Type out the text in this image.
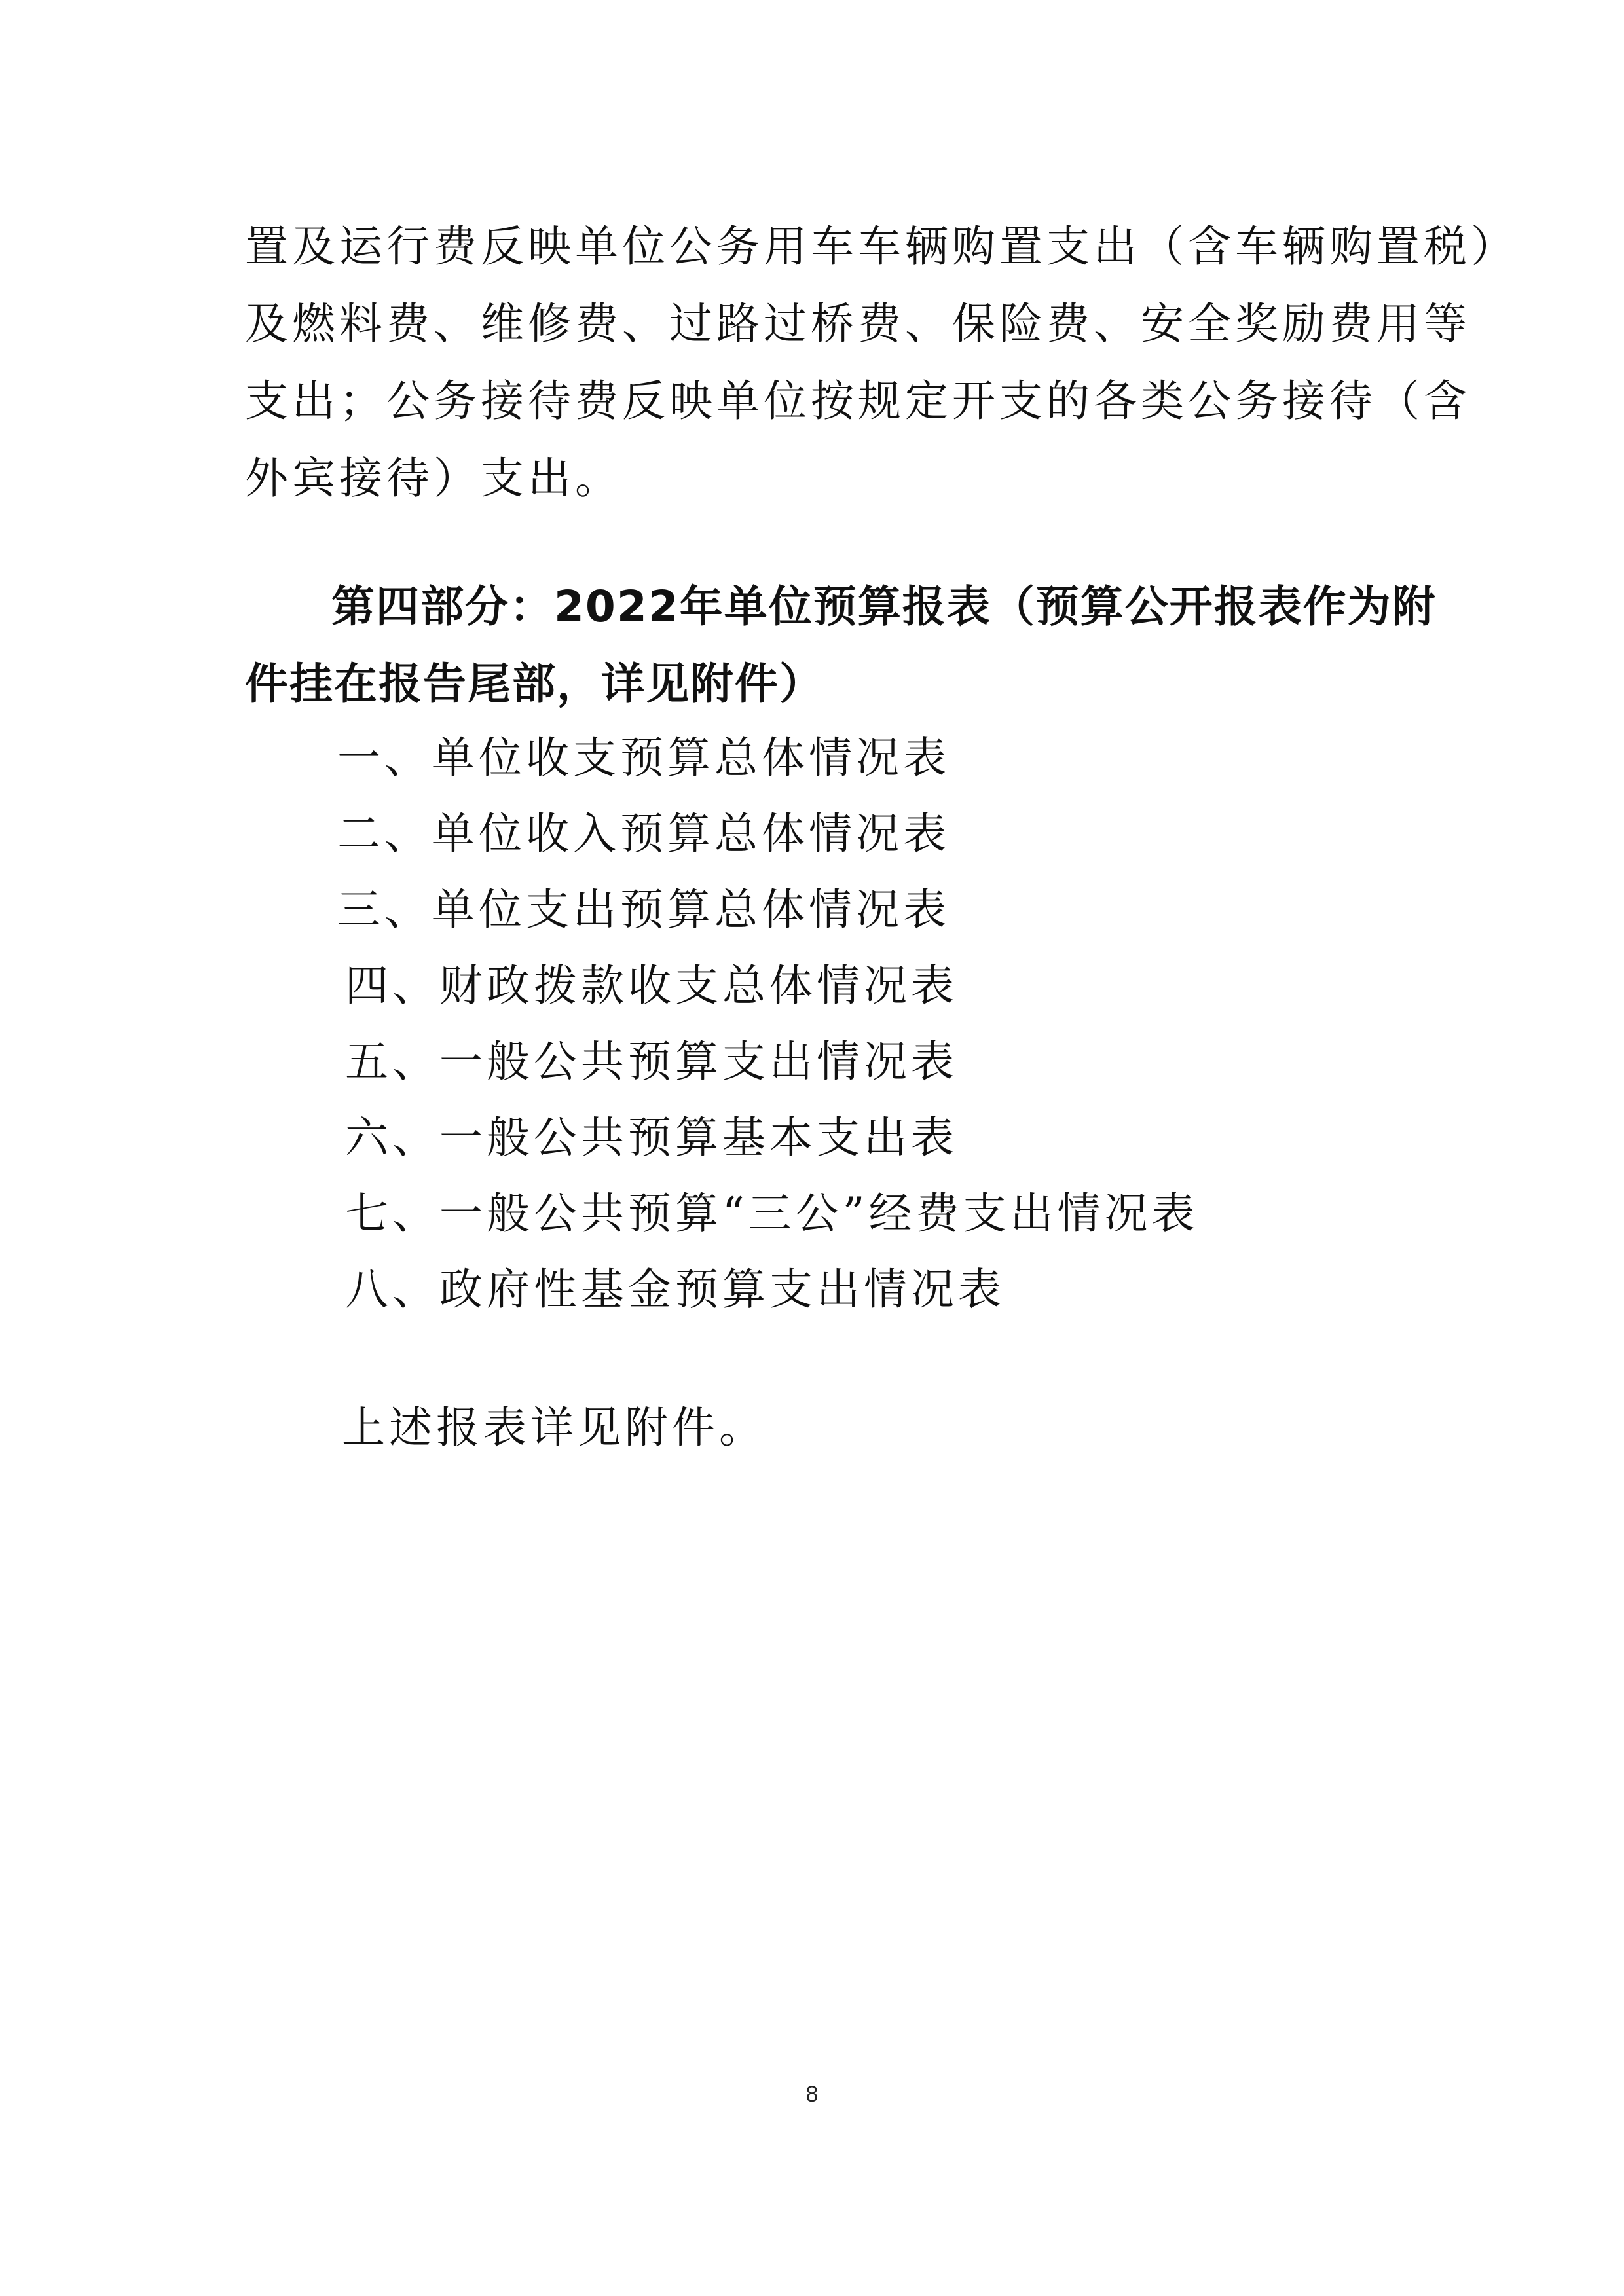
置及运行费反映单位公务用车车辆购置支出（含车辆购置税）
及燃料费、维修费、过路过桥费、保险费、安全奖励费用等
支出；公务接待费反映单位按规定开支的各类公务接待（含
外宾接待）支出。

第四部分：2022年单位预算报表（预算公开报表作为附
件挂在报告尾部，详见附件）
一、单位收支预算总体情况表
二、单位收入预算总体情况表
三、单位支出预算总体情况表
四、财政拨款收支总体情况表
五、一般公共预算支出情况表
六、一般公共预算基本支出表
七、一般公共预算“三公”经费支出情况表
八、政府性基金预算支出情况表

上述报表详见附件。

8
